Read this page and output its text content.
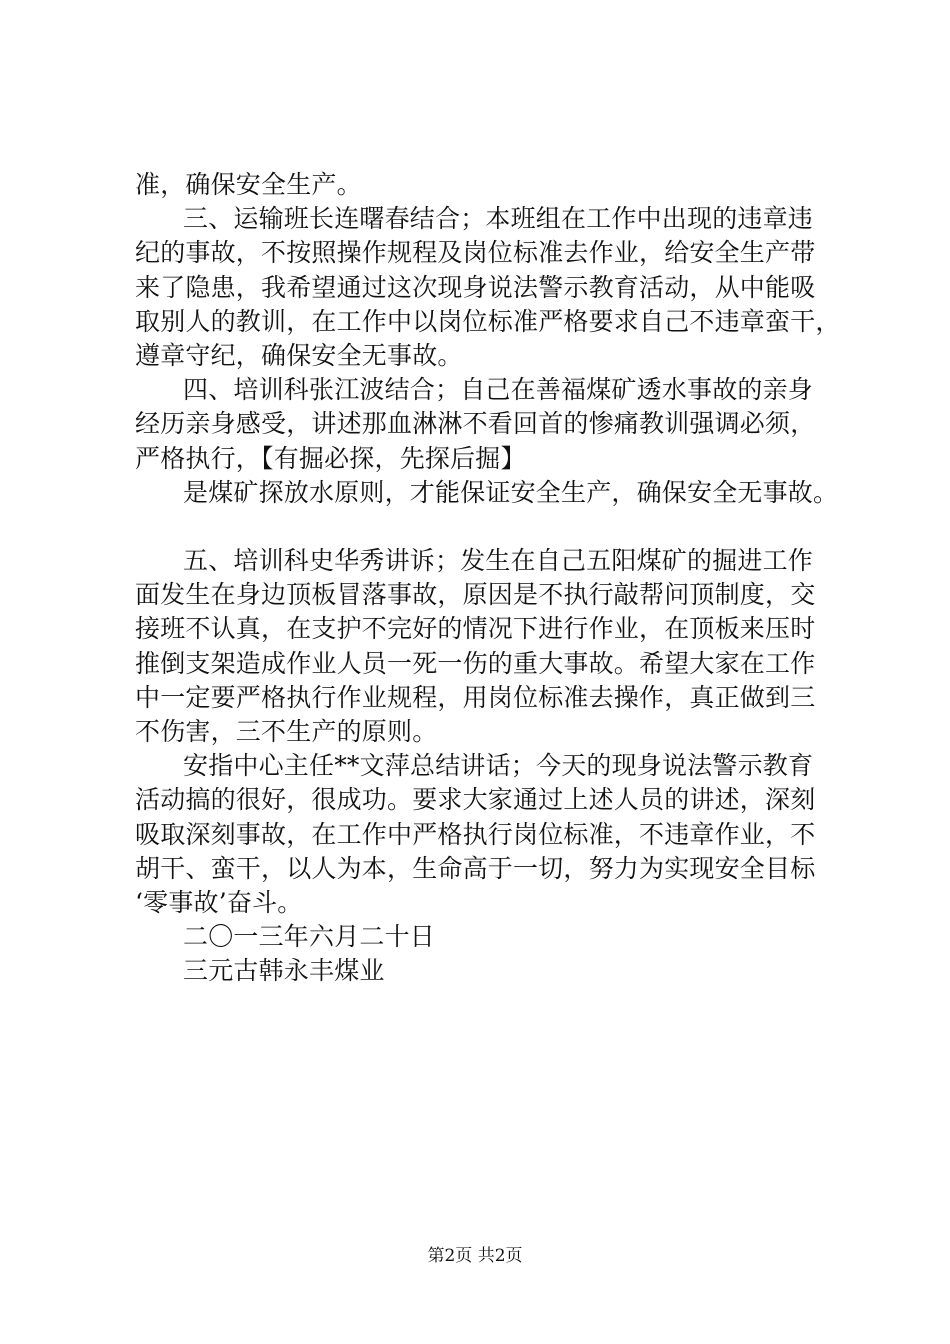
准，确保安全生产。
三、运输班长连曙春结合；本班组在工作中出现的违章违
纪的事故，不按照操作规程及岗位标准去作业，给安全生产带
来了隐患，我希望通过这次现身说法警示教育活动，从中能吸
取别人的教训，在工作中以岗位标准严格要求自己不违章蛮干，
遵章守纪，确保安全无事故。
四、培训科张江波结合；自己在善福煤矿透水事故的亲身
经历亲身感受，讲述那血淋淋不看回首的惨痛教训强调必须，
严格执行，【有掘必探，先探后掘】
是煤矿探放水原则，才能保证安全生产，确保安全无事故。
五、培训科史华秀讲诉；发生在自己五阳煤矿的掘进工作
面发生在身边顶板冒落事故，原因是不执行敲帮问顶制度，交
接班不认真，在支护不完好的情况下进行作业，在顶板来压时
推倒支架造成作业人员一死一伤的重大事故。希望大家在工作
中一定要严格执行作业规程，用岗位标准去操作，真正做到三
不伤害，三不生产的原则。
安指中心主任**文萍总结讲话；今天的现身说法警示教育
活动搞的很好，很成功。要求大家通过上述人员的讲述，深刻
吸取深刻事故，在工作中严格执行岗位标准，不违章作业，不
胡干、蛮干，以人为本，生命高于一切，努力为实现安全目标
‘零事故’奋斗。
二〇一三年六月二十日
三元古韩永丰煤业
第2页 共2页
